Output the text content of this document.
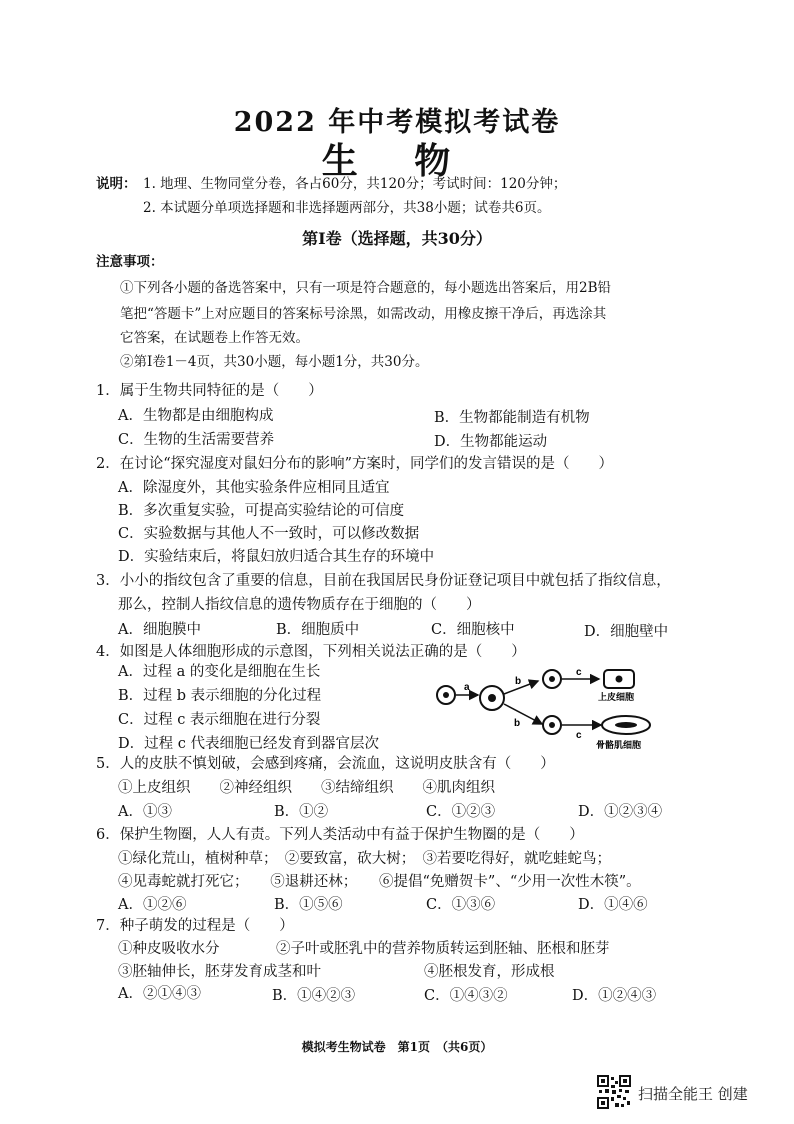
2022 年中考模拟考试卷
生 物
说明： 1. 地理、生物同堂分卷，各占60分，共120分；考试时间：120分钟；
2. 本试题分单项选择题和非选择题两部分，共38小题；试卷共6页。
第Ⅰ卷（选择题，共30分）
注意事项：
①下列各小题的备选答案中，只有一项是符合题意的，每小题选出答案后，用2B铅
笔把“答题卡”上对应题目的答案标号涂黑，如需改动，用橡皮擦干净后，再选涂其
它答案，在试题卷上作答无效。
②第Ⅰ卷1－4页，共30小题，每小题1分，共30分。
1．属于生物共同特征的是（　　）
A．生物都是由细胞构成	B．生物都能制造有机物
C．生物的生活需要营养	D．生物都能运动
2．在讨论“探究湿度对鼠妇分布的影响”方案时，同学们的发言错误的是（　　）
A．除湿度外，其他实验条件应相同且适宜
B．多次重复实验，可提高实验结论的可信度
C．实验数据与其他人不一致时，可以修改数据
D．实验结束后，将鼠妇放归适合其生存的环境中
3．小小的指纹包含了重要的信息，目前在我国居民身份证登记项目中就包括了指纹信息，
那么，控制人指纹信息的遗传物质存在于细胞的（　　）
A．细胞膜中	B．细胞质中	C．细胞核中	D．细胞壁中
4．如图是人体细胞形成的示意图，下列相关说法正确的是（　　）
A．过程 a 的变化是细胞在生长
B．过程 b 表示细胞的分化过程
C．过程 c 表示细胞在进行分裂
D．过程 c 代表细胞已经发育到器官层次
a
b
b
c
c
上皮细胞
骨骼肌细胞
5．人的皮肤不慎划破，会感到疼痛，会流血，这说明皮肤含有（　　）
①上皮组织　　②神经组织　　③结缔组织　　④肌肉组织
A．①③	B．①②	C．①②③	D．①②③④
6．保护生物圈，人人有责。下列人类活动中有益于保护生物圈的是（　　）
①绿化荒山，植树种草；　②要致富，砍大树；　③若要吃得好，就吃蛙蛇鸟；
④见毒蛇就打死它；　　⑤退耕还林；　　⑥提倡“免赠贺卡”、“少用一次性木筷”。
A．①②⑥	B．①⑤⑥	C．①③⑥	D．①④⑥
7．种子萌发的过程是（　　）
①种皮吸收水分	②子叶或胚乳中的营养物质转运到胚轴、胚根和胚芽
③胚轴伸长，胚芽发育成茎和叶	④胚根发育，形成根
A．②①④③	B．①④②③	C．①④③②	D．①②④③
模拟考生物试卷　第1页　（共6页）
扫描全能王 创建
